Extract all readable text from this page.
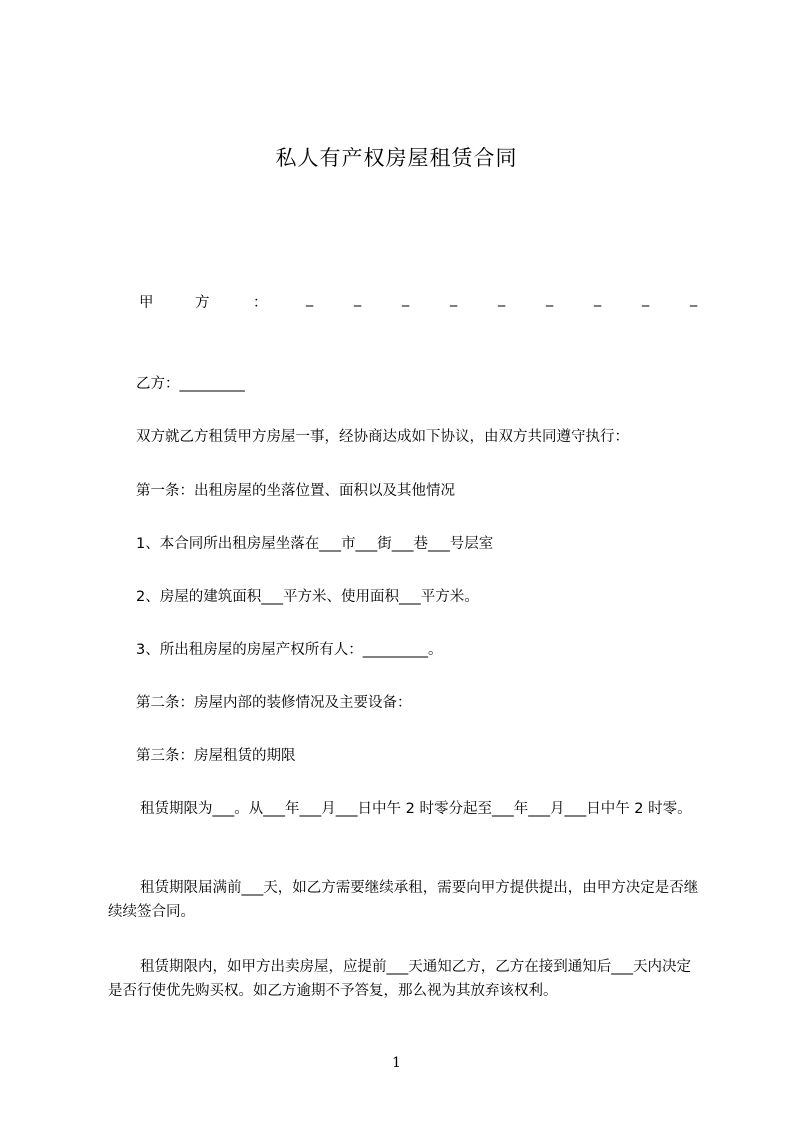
私人有产权房屋租赁合同
甲	方	：	_	_	_	_	_	_	_	_	_
乙方：_________
双方就乙方租赁甲方房屋一事，经协商达成如下协议，由双方共同遵守执行：
第一条：出租房屋的坐落位置、面积以及其他情况
1、本合同所出租房屋坐落在___市___街___巷___号层室
2、房屋的建筑面积___平方米、使用面积___平方米。
3、所出租房屋的房屋产权所有人：_________。
第二条：房屋内部的装修情况及主要设备：
第三条：房屋租赁的期限
租赁期限为___。从___年___月___日中午 2 时零分起至___年___月___日中午 2 时零。
租赁期限届满前___天，如乙方需要继续承租，需要向甲方提供提出，由甲方决定是否继续续签合同。
租赁期限内，如甲方出卖房屋，应提前___天通知乙方，乙方在接到通知后___天内决定是否行使优先购买权。如乙方逾期不予答复，那么视为其放弃该权利。
1
